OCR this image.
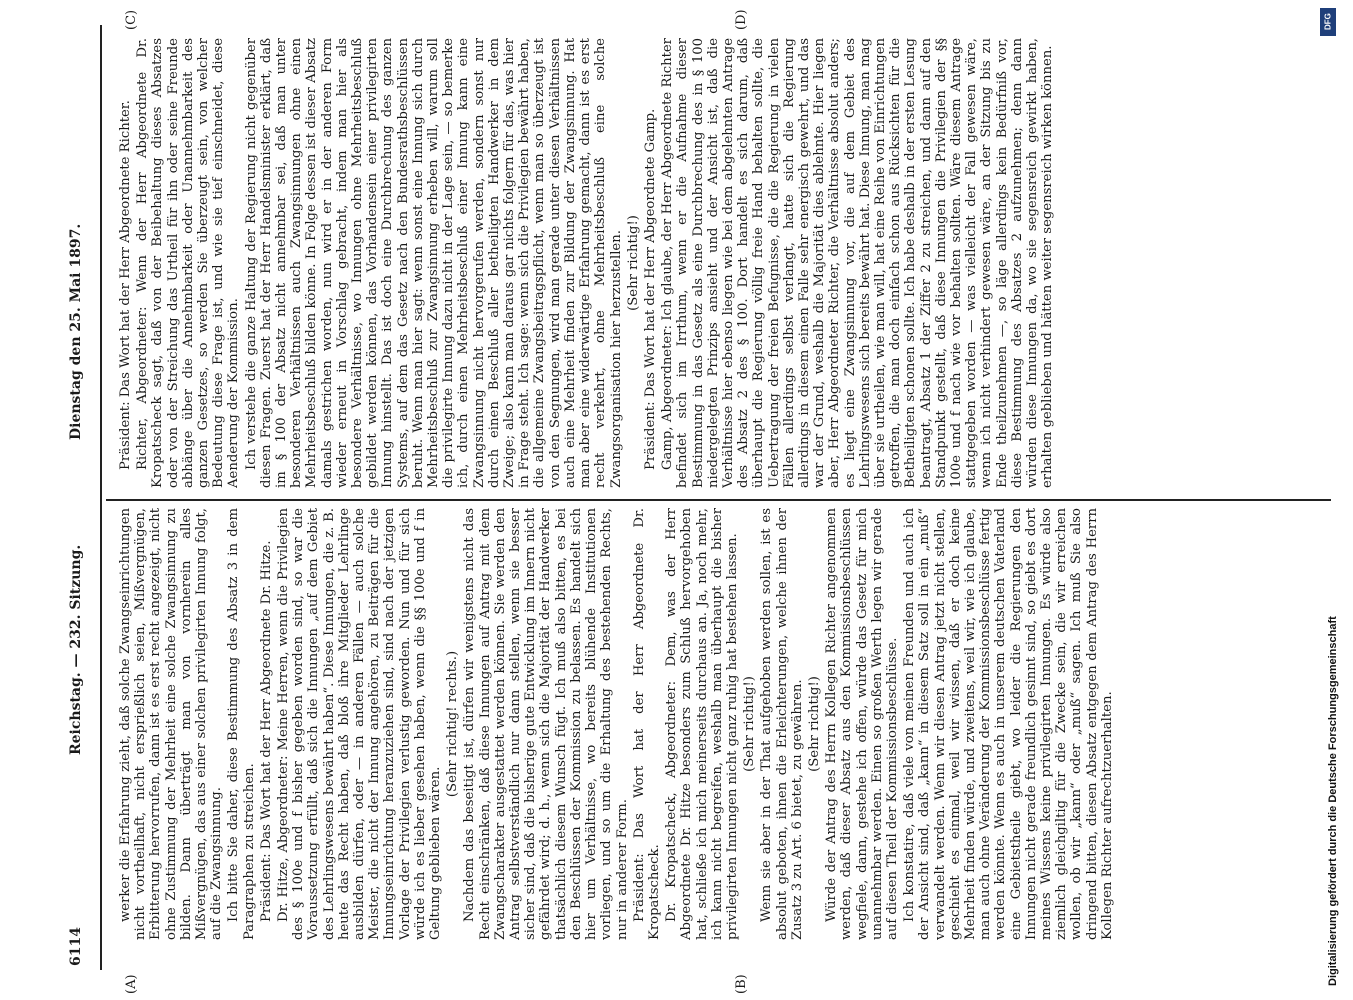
6114
Reichstag. — 232. Sitzung.
Dienstag den 25. Mai 1897.
(A)	(B)
(C)	(D)

werker die Erfahrung zieht, daß solche Zwangseinrichtungen nicht vortheilhaft, nicht ersprießlich seien, Mißvergnügen, Erbitterung hervorrufen, dann ist es erst recht angezeigt, nicht ohne Zustimmung der Mehrheit eine solche Zwangsinnung zu bilden. Dann überträgt man von vornherein alles Mißvergnügen, das aus einer solchen privilegirten Innung folgt, auf die Zwangsinnung. Ich bitte Sie daher, diese Bestimmung des Absatz 3 in dem Paragraphen zu streichen. Präsident: Das Wort hat der Herr Abgeordnete Dr. Hitze. Dr. Hitze, Abgeordneter: Meine Herren, wenn die Privilegien des § 100e und f bisher gegeben worden sind, so war die Voraussetzung erfüllt, daß sich die Innungen „auf dem Gebiet des Lehrlingswesens bewährt haben“. Diese Innungen, die z. B. heute das Recht haben, daß bloß ihre Mitglieder Lehrlinge ausbilden dürfen, oder — in anderen Fällen — auch solche Meister, die nicht der Innung angehören, zu Beiträgen für die Innungseinrichtung heranzuziehen sind, sind nach der jetzigen Vorlage der Privilegien verlustig geworden. Nun und für sich würde ich es lieber gesehen haben, wenn die §§ 100e und f in Geltung geblieben wären.

(Sehr richtig! rechts.) Nachdem das beseitigt ist, dürfen wir wenigstens nicht das Recht einschränken, daß diese Innungen auf Antrag mit dem Zwangscharakter ausgestattet werden können. Sie werden den Antrag selbstverständlich nur dann stellen, wenn sie besser sicher sind, daß die bisherige gute Entwicklung im Innern nicht gefährdet wird; d. h., wenn sich die Majorität der Handwerker thatsächlich diesem Wunsch fügt. Ich muß also bitten, es bei den Beschlüssen der Kommission zu belassen. Es handelt sich hier um Verhältnisse, wo bereits blühende Institutionen vorliegen, und so um die Erhaltung des bestehenden Rechts, nur in anderer Form. Präsident: Das Wort hat der Herr Abgeordnete Dr. Kropatscheck. Dr. Kropatscheck, Abgeordneter: Dem, was der Herr Abgeordnete Dr. Hitze besonders zum Schluß hervorgehoben hat, schließe ich mich meinerseits durchaus an. Ja, noch mehr, ich kann nicht begreifen, weshalb man überhaupt die bisher privilegirten Innungen nicht ganz ruhig hat bestehen lassen. (Sehr richtig!) Wenn sie aber in der That aufgehoben werden sollen, ist es absolut geboten, ihnen die Erleichterungen, welche ihnen der Zusatz 3 zu Art. 6 bietet, zu gewähren. (Sehr richtig!) Würde der Antrag des Herrn Kollegen Richter angenommen werden, daß dieser Absatz aus den Kommissionsbeschlüssen wegfiele, dann, gestehe ich offen, würde das Gesetz für mich unannehmbar werden. Einen so großen Werth legen wir gerade auf diesen Theil der Kommissionsbeschlüsse. Ich konstatire, daß viele von meinen Freunden und auch ich der Ansicht sind, daß „kann“ in diesem Satz soll in ein „muß“ verwandelt werden. Wenn wir diesen Antrag jetzt nicht stellen, geschieht es einmal, weil wir wissen, daß er doch keine Mehrheit finden würde, und zweitens, weil wir, wie ich glaube, man auch ohne Veränderung der Kommissionsbeschlüsse fertig werden könnte. Wenn es auch in unserem deutschen Vaterland eine Gebietstheile giebt, wo leider die Regierungen den Innungen nicht gerade freundlich gesinnt sind, so giebt es dort meines Wissens keine privilegirten Innungen. Es würde also ziemlich gleichgiltig für die Zwecke sein, die wir erreichen wollen, ob wir „kann“ oder „muß“ sagen. Ich muß Sie also dringend bitten, diesen Absatz entgegen dem Antrag des Herrn Kollegen Richter aufrechtzuerhalten.

Präsident: Das Wort hat der Herr Abgeordnete Richter. Richter, Abgeordneter: Wenn der Herr Abgeordnete Dr. Kropatscheck sagt, daß von der Beibehaltung dieses Absatzes oder von der Streichung das Urtheil für ihn oder seine Freunde abhänge über die Annehmbarkeit oder Unannehmbarkeit des ganzen Gesetzes, so werden Sie überzeugt sein, von welcher Bedeutung diese Frage ist, und wie sie tief einschneidet, diese Aenderung der Kommission. Ich verstehe die ganze Haltung der Regierung nicht gegenüber diesen Fragen. Zuerst hat der Herr Handelsminister erklärt, daß im § 100 der Absatz nicht annehmbar sei, daß man unter besonderen Verhältnissen auch Zwangsinnungen ohne einen Mehrheitsbeschluß bilden könne. In Folge dessen ist dieser Absatz damals gestrichen worden, nun wird er in der anderen Form wieder erneut in Vorschlag gebracht, indem man hier als besondere Verhältnisse, wo Innungen ohne Mehrheitsbeschluß gebildet werden können, das Vorhandensein einer privilegirten Innung hinstellt. Das ist doch eine Durchbrechung des ganzen Systems, auf dem das Gesetz nach den Bundesrathsbeschlüssen beruht. Wenn man hier sagt: wenn sonst eine Innung sich durch Mehrheitsbeschluß zur Zwangsinnung erheben will, warum soll die privilegirte Innung dazu nicht in der Lage sein, — so bemerke ich, durch einen Mehrheitsbeschluß einer Innung kann eine Zwangsinnung nicht hervorgerufen werden, sondern sonst nur durch einen Beschluß aller betheiligten Handwerker in dem Zweige; also kann man daraus gar nichts folgern für das, was hier in Frage steht. Ich sage: wenn sich die Privilegien bewährt haben, die allgemeine Zwangsbeitragspflicht, wenn man so überzeugt ist von den Segnungen, wird man gerade unter diesen Verhältnissen auch eine Mehrheit finden zur Bildung der Zwangsinnung. Hat man aber eine widerwärtige Erfahrung gemacht, dann ist es erst recht verkehrt, ohne Mehrheitsbeschluß eine solche Zwangsorganisation hier herzustellen. (Sehr richtig!) Präsident: Das Wort hat der Herr Abgeordnete Gamp. Gamp, Abgeordneter: Ich glaube, der Herr Abgeordnete Richter befindet sich im Irrthum, wenn er die Aufnahme dieser Bestimmung in das Gesetz als eine Durchbrechung des in § 100 niedergelegten Prinzips ansieht und der Ansicht ist, daß die Verhältnisse hier ebenso liegen wie bei dem abgelehnten Antrage des Absatz 2 des § 100. Dort handelt es sich darum, daß überhaupt die Regierung völlig freie Hand behalten sollte, die Uebertragung der freien Befugnisse, die die Regierung in vielen Fällen allerdings selbst verlangt, hatte sich die Regierung allerdings in diesem einen Falle sehr energisch gewehrt, und das war der Grund, weshalb die Majorität dies ablehnte. Hier liegen aber, Herr Abgeordneter Richter, die Verhältnisse absolut anders; es liegt eine Zwangsinnung vor, die auf dem Gebiet des Lehrlingswesens sich bereits bewährt hat. Diese Innung, man mag über sie urtheilen, wie man will, hat eine Reihe von Einrichtungen getroffen, die man doch einfach schon aus Rücksichten für die Betheiligten schonen sollte. Ich habe deshalb in der ersten Lesung beantragt, Absatz 1 der Ziffer 2 zu streichen, und dann auf den Standpunkt gestellt, daß diese Innungen die Privilegien der §§ 100e und f nach wie vor behalten sollten. Wäre diesem Antrage stattgegeben worden — was vielleicht der Fall gewesen wäre, wenn ich nicht verhindert gewesen wäre, an der Sitzung bis zu Ende theilzunehmen —, so läge allerdings kein Bedürfniß vor, diese Bestimmung des Absatzes 2 aufzunehmen; denn dann würden diese Innungen da, wo sie segensreich gewirkt haben, erhalten geblieben und hätten weiter segensreich wirken können.

DFG
Digitalisierung gefördert durch die Deutsche Forschungsgemeinschaft
